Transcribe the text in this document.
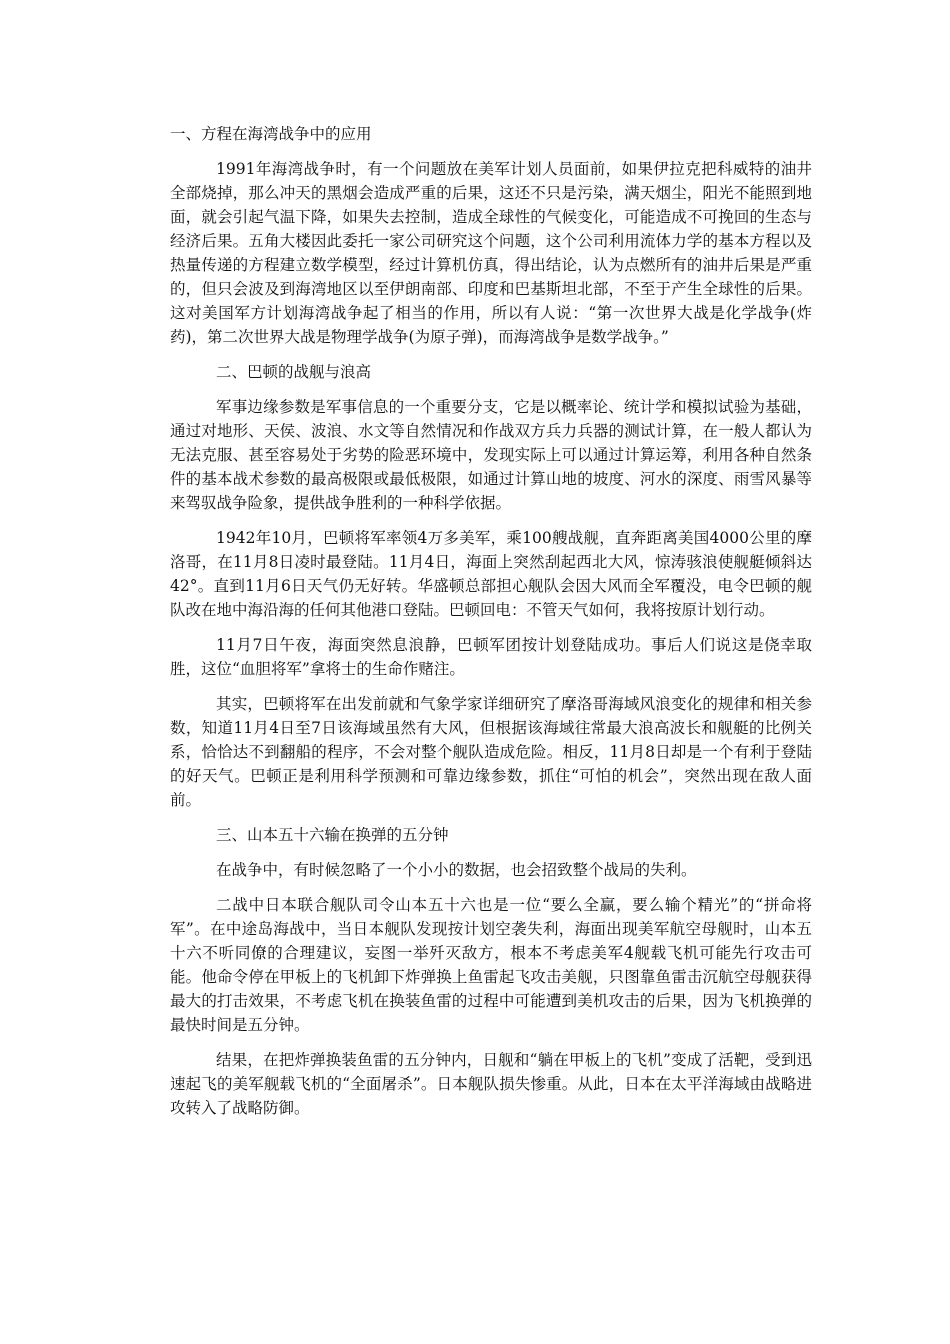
一、方程在海湾战争中的应用

1991年海湾战争时，有一个问题放在美军计划人员面前，如果伊拉克把科威特的油井全部烧掉，那么冲天的黑烟会造成严重的后果，这还不只是污染，满天烟尘，阳光不能照到地面，就会引起气温下降，如果失去控制，造成全球性的气候变化，可能造成不可挽回的生态与经济后果。五角大楼因此委托一家公司研究这个问题，这个公司利用流体力学的基本方程以及热量传递的方程建立数学模型，经过计算机仿真，得出结论，认为点燃所有的油井后果是严重的，但只会波及到海湾地区以至伊朗南部、印度和巴基斯坦北部，不至于产生全球性的后果。这对美国军方计划海湾战争起了相当的作用，所以有人说：“第一次世界大战是化学战争(炸药)，第二次世界大战是物理学战争(为原子弹)，而海湾战争是数学战争。”

二、巴顿的战舰与浪高

军事边缘参数是军事信息的一个重要分支，它是以概率论、统计学和模拟试验为基础，通过对地形、天侯、波浪、水文等自然情况和作战双方兵力兵器的测试计算，在一般人都认为无法克服、甚至容易处于劣势的险恶环境中，发现实际上可以通过计算运筹，利用各种自然条件的基本战术参数的最高极限或最低极限，如通过计算山地的坡度、河水的深度、雨雪风暴等来驾驭战争险象，提供战争胜利的一种科学依据。

1942年10月，巴顿将军率领4万多美军，乘100艘战舰，直奔距离美国4000公里的摩洛哥，在11月8日凌时最登陆。11月4日，海面上突然刮起西北大风，惊涛骇浪使舰艇倾斜达42°。直到11月6日天气仍无好转。华盛顿总部担心舰队会因大风而全军覆没，电令巴顿的舰队改在地中海沿海的任何其他港口登陆。巴顿回电：不管天气如何，我将按原计划行动。

11月7日午夜，海面突然息浪静，巴顿军团按计划登陆成功。事后人们说这是侥幸取胜，这位“血胆将军”拿将士的生命作赌注。

其实，巴顿将军在出发前就和气象学家详细研究了摩洛哥海域风浪变化的规律和相关参数，知道11月4日至7日该海域虽然有大风，但根据该海域往常最大浪高波长和舰艇的比例关系，恰恰达不到翻船的程序，不会对整个舰队造成危险。相反，11月8日却是一个有利于登陆的好天气。巴顿正是利用科学预测和可靠边缘参数，抓住“可怕的机会”，突然出现在敌人面前。

三、山本五十六输在换弹的五分钟

在战争中，有时候忽略了一个小小的数据，也会招致整个战局的失利。

二战中日本联合舰队司令山本五十六也是一位“要么全赢，要么输个精光”的“拼命将军”。在中途岛海战中，当日本舰队发现按计划空袭失利，海面出现美军航空母舰时，山本五十六不听同僚的合理建议，妄图一举歼灭敌方，根本不考虑美军4舰载飞机可能先行攻击可能。他命令停在甲板上的飞机卸下炸弹换上鱼雷起飞攻击美舰，只图靠鱼雷击沉航空母舰获得最大的打击效果，不考虑飞机在换装鱼雷的过程中可能遭到美机攻击的后果，因为飞机换弹的最快时间是五分钟。

结果，在把炸弹换装鱼雷的五分钟内，日舰和“躺在甲板上的飞机”变成了活靶，受到迅速起飞的美军舰载飞机的“全面屠杀”。日本舰队损失惨重。从此，日本在太平洋海域由战略进攻转入了战略防御。
